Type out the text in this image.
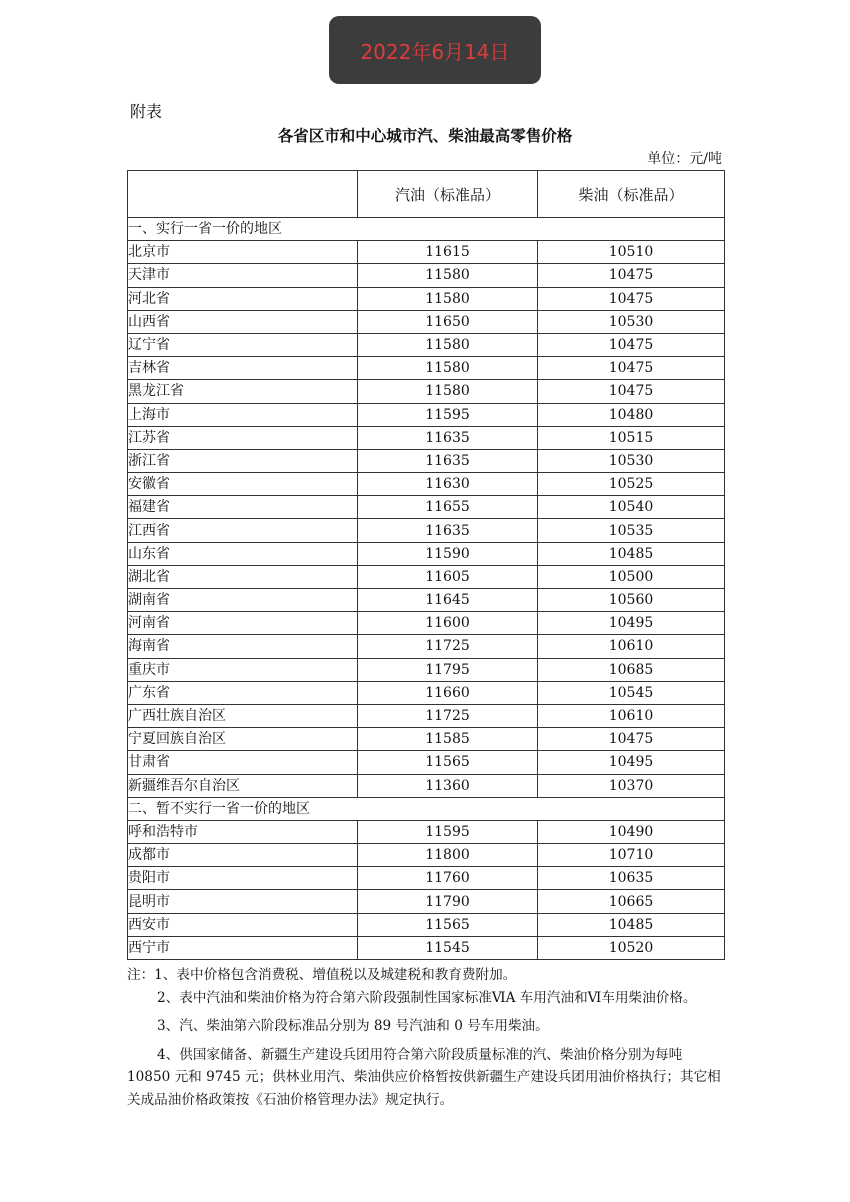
2022年6月14日
附表
各省区市和中心城市汽、柴油最高零售价格
单位：元/吨
	汽油（标准品）	柴油（标准品）
一、实行一省一价的地区		
北京市	11615	10510
天津市	11580	10475
河北省	11580	10475
山西省	11650	10530
辽宁省	11580	10475
吉林省	11580	10475
黑龙江省	11580	10475
上海市	11595	10480
江苏省	11635	10515
浙江省	11635	10530
安徽省	11630	10525
福建省	11655	10540
江西省	11635	10535
山东省	11590	10485
湖北省	11605	10500
湖南省	11645	10560
河南省	11600	10495
海南省	11725	10610
重庆市	11795	10685
广东省	11660	10545
广西壮族自治区	11725	10610
宁夏回族自治区	11585	10475
甘肃省	11565	10495
新疆维吾尔自治区	11360	10370
二、暂不实行一省一价的地区		
呼和浩特市	11595	10490
成都市	11800	10710
贵阳市	11760	10635
昆明市	11790	10665
西安市	11565	10485
西宁市	11545	10520

注：1、表中价格包含消费税、增值税以及城建税和教育费附加。

2、表中汽油和柴油价格为符合第六阶段强制性国家标准ⅥA 车用汽油和Ⅵ车用柴油价格。

3、汽、柴油第六阶段标准品分别为 89 号汽油和 0 号车用柴油。

4、供国家储备、新疆生产建设兵团用符合第六阶段质量标准的汽、柴油价格分别为每吨 10850 元和 9745 元；供林业用汽、柴油供应价格暂按供新疆生产建设兵团用油价格执行；其它相关成品油价格政策按《石油价格管理办法》规定执行。
